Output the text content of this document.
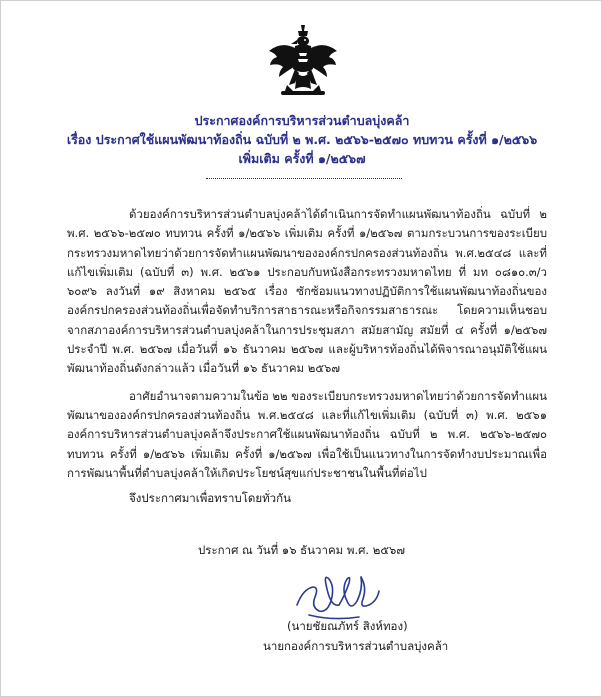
ประกาศองค์การบริหารส่วนตำบลบุ่งคล้า
เรื่อง ประกาศใช้แผนพัฒนาท้องถิ่น ฉบับที่ ๒ พ.ศ. ๒๕๖๖-๒๕๗๐ ทบทวน ครั้งที่ ๑/๒๕๖๖
เพิ่มเติม ครั้งที่ ๑/๒๕๖๗

ด้วยองค์การบริหารส่วนตำบลบุ่งคล้าได้ดำเนินการจัดทำแผนพัฒนาท้องถิ่น ฉบับที่ ๒ พ.ศ. ๒๕๖๖-๒๕๗๐ ทบทวน ครั้งที่ ๑/๒๕๖๖ เพิ่มเติม ครั้งที่ ๑/๒๕๖๗ ตามกระบวนการของระเบียบกระทรวงมหาดไทยว่าด้วยการจัดทำแผนพัฒนาขององค์กรปกครองส่วนท้องถิ่น พ.ศ.๒๕๔๘ และที่แก้ไขเพิ่มเติม (ฉบับที่ ๓) พ.ศ. ๒๕๖๑ ประกอบกับหนังสือกระทรวงมหาดไทย ที่ มท ๐๘๑๐.๓/ว ๖๐๙๖ ลงวันที่ ๑๙ สิงหาคม ๒๕๖๕ เรื่อง ซักซ้อมแนวทางปฏิบัติการใช้แผนพัฒนาท้องถิ่นขององค์กรปกครองส่วนท้องถิ่นเพื่อจัดทำบริการสาธารณะหรือกิจกรรมสาธารณะ โดยความเห็นชอบจากสภาองค์การบริหารส่วนตำบลบุ่งคล้าในการประชุมสภา สมัยสามัญ สมัยที่ ๔ ครั้งที่ ๑/๒๕๖๗ ประจำปี พ.ศ. ๒๕๖๗ เมื่อวันที่ ๑๖ ธันวาคม ๒๕๖๗ และผู้บริหารท้องถิ่นได้พิจารณาอนุมัติใช้แผนพัฒนาท้องถิ่นดังกล่าวแล้ว เมื่อวันที่ ๑๖ ธันวาคม ๒๕๖๗

อาศัยอำนาจตามความในข้อ ๒๒ ของระเบียบกระทรวงมหาดไทยว่าด้วยการจัดทำแผนพัฒนาขององค์กรปกครองส่วนท้องถิ่น พ.ศ.๒๕๔๘ และที่แก้ไขเพิ่มเติม (ฉบับที่ ๓) พ.ศ. ๒๕๖๑ องค์การบริหารส่วนตำบลบุ่งคล้าจึงประกาศใช้แผนพัฒนาท้องถิ่น ฉบับที่ ๒ พ.ศ. ๒๕๖๖-๒๕๗๐ ทบทวน ครั้งที่ ๑/๒๕๖๖ เพิ่มเติม ครั้งที่ ๑/๒๕๖๗ เพื่อใช้เป็นแนวทางในการจัดทำงบประมาณเพื่อการพัฒนาพื้นที่ตำบลบุ่งคล้าให้เกิดประโยชน์สุขแก่ประชาชนในพื้นที่ต่อไป

จึงประกาศมาเพื่อทราบโดยทั่วกัน
ประกาศ ณ วันที่ ๑๖ ธันวาคม พ.ศ. ๒๕๖๗
(นายชัยณภัทร์ สิงห์ทอง)
นายกองค์การบริหารส่วนตำบลบุ่งคล้า
